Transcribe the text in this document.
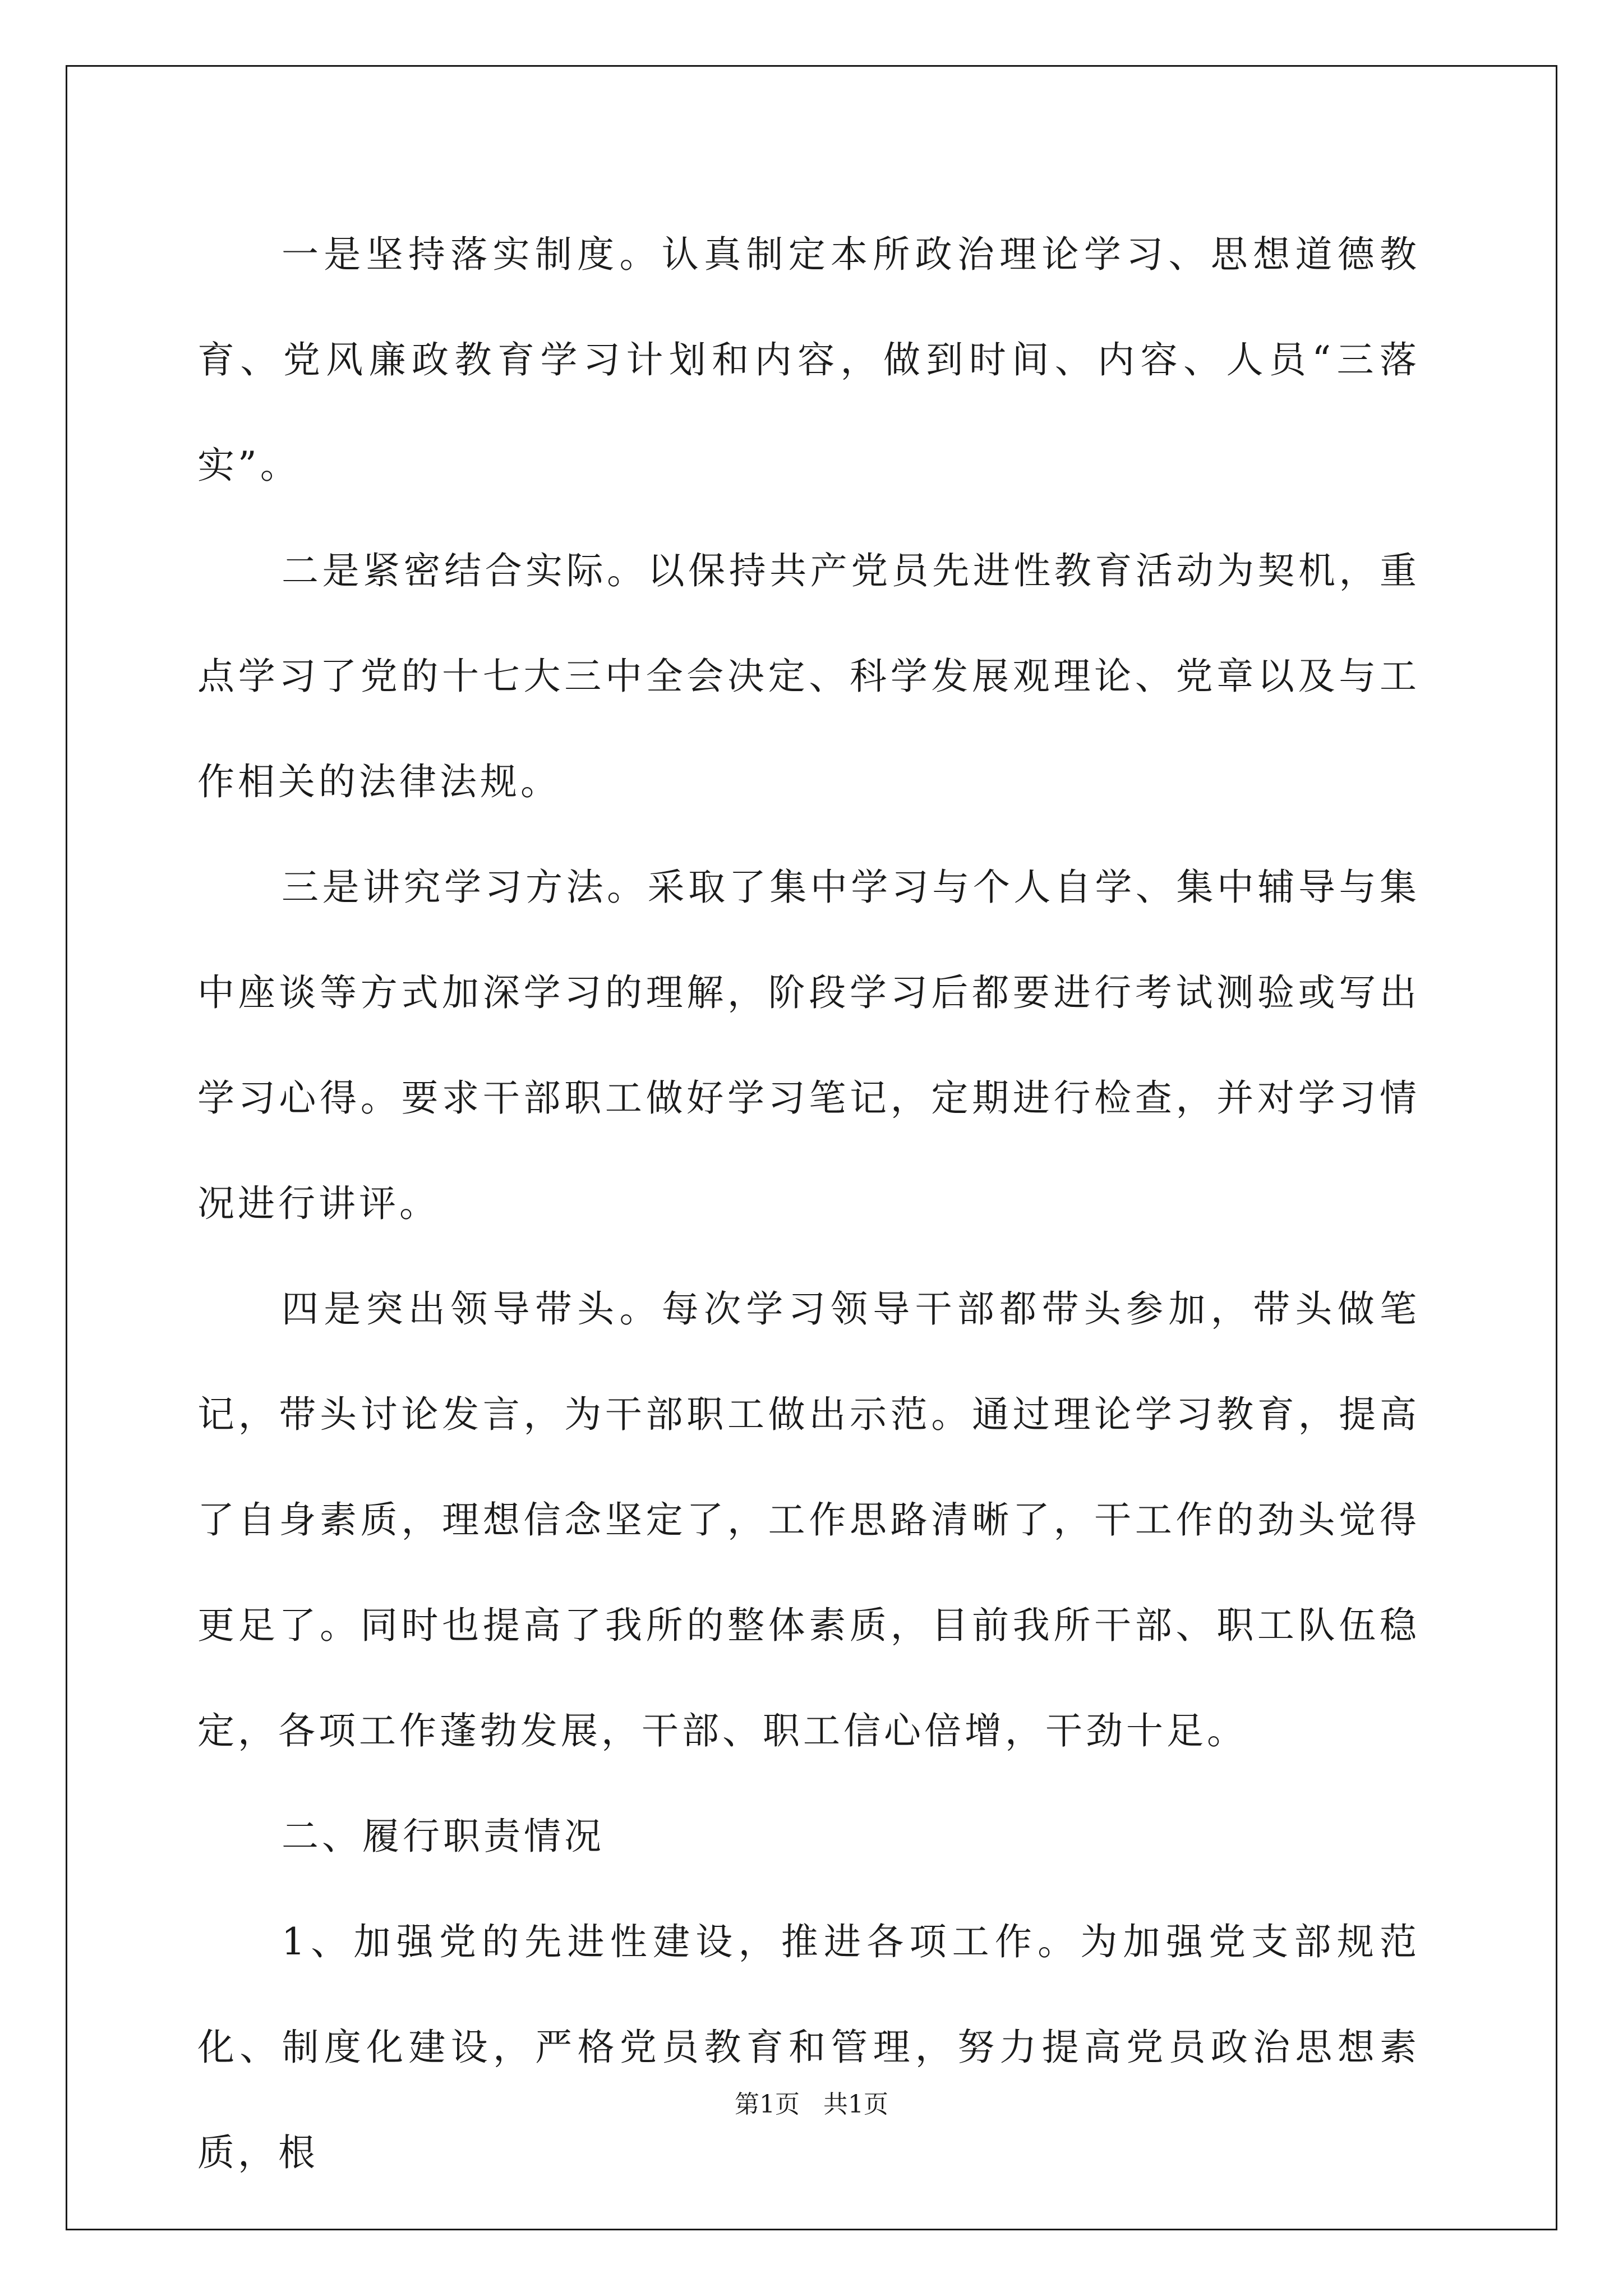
一是坚持落实制度。认真制定本所政治理论学习、思想道德教育、党风廉政教育学习计划和内容，做到时间、内容、人员“三落实”。

二是紧密结合实际。以保持共产党员先进性教育活动为契机，重点学习了党的十七大三中全会决定、科学发展观理论、党章以及与工作相关的法律法规。

三是讲究学习方法。采取了集中学习与个人自学、集中辅导与集中座谈等方式加深学习的理解，阶段学习后都要进行考试测验或写出学习心得。要求干部职工做好学习笔记，定期进行检查，并对学习情况进行讲评。

四是突出领导带头。每次学习领导干部都带头参加，带头做笔记，带头讨论发言，为干部职工做出示范。通过理论学习教育，提高了自身素质，理想信念坚定了，工作思路清晰了，干工作的劲头觉得更足了。同时也提高了我所的整体素质，目前我所干部、职工队伍稳定，各项工作蓬勃发展，干部、职工信心倍增，干劲十足。

二、履行职责情况

1、加强党的先进性建设，推进各项工作。为加强党支部规范化、制度化建设，严格党员教育和管理，努力提高党员政治思想素质，根

第1页   共1页
